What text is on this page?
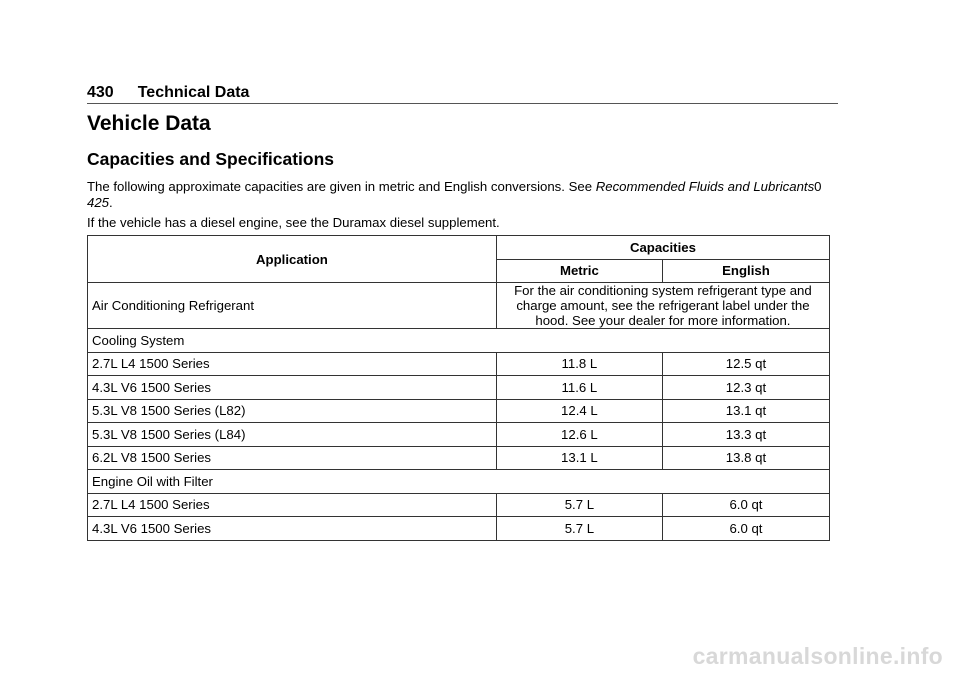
430 Technical Data
Vehicle Data
Capacities and Specifications

The following approximate capacities are given in metric and English conversions. See Recommended Fluids and Lubricants0 425.

If the vehicle has a diesel engine, see the Duramax diesel supplement.

Application	Capacities	
	Metric	English
Air Conditioning Refrigerant	For the air conditioning system refrigerant type and charge amount, see the refrigerant label under the hood. See your dealer for more information.	
Cooling System		
2.7L L4 1500 Series	11.8 L	12.5 qt
4.3L V6 1500 Series	11.6 L	12.3 qt
5.3L V8 1500 Series (L82)	12.4 L	13.1 qt
5.3L V8 1500 Series (L84)	12.6 L	13.3 qt
6.2L V8 1500 Series	13.1 L	13.8 qt
Engine Oil with Filter		
2.7L L4 1500 Series	5.7 L	6.0 qt
4.3L V6 1500 Series	5.7 L	6.0 qt
carmanualsonline.info
